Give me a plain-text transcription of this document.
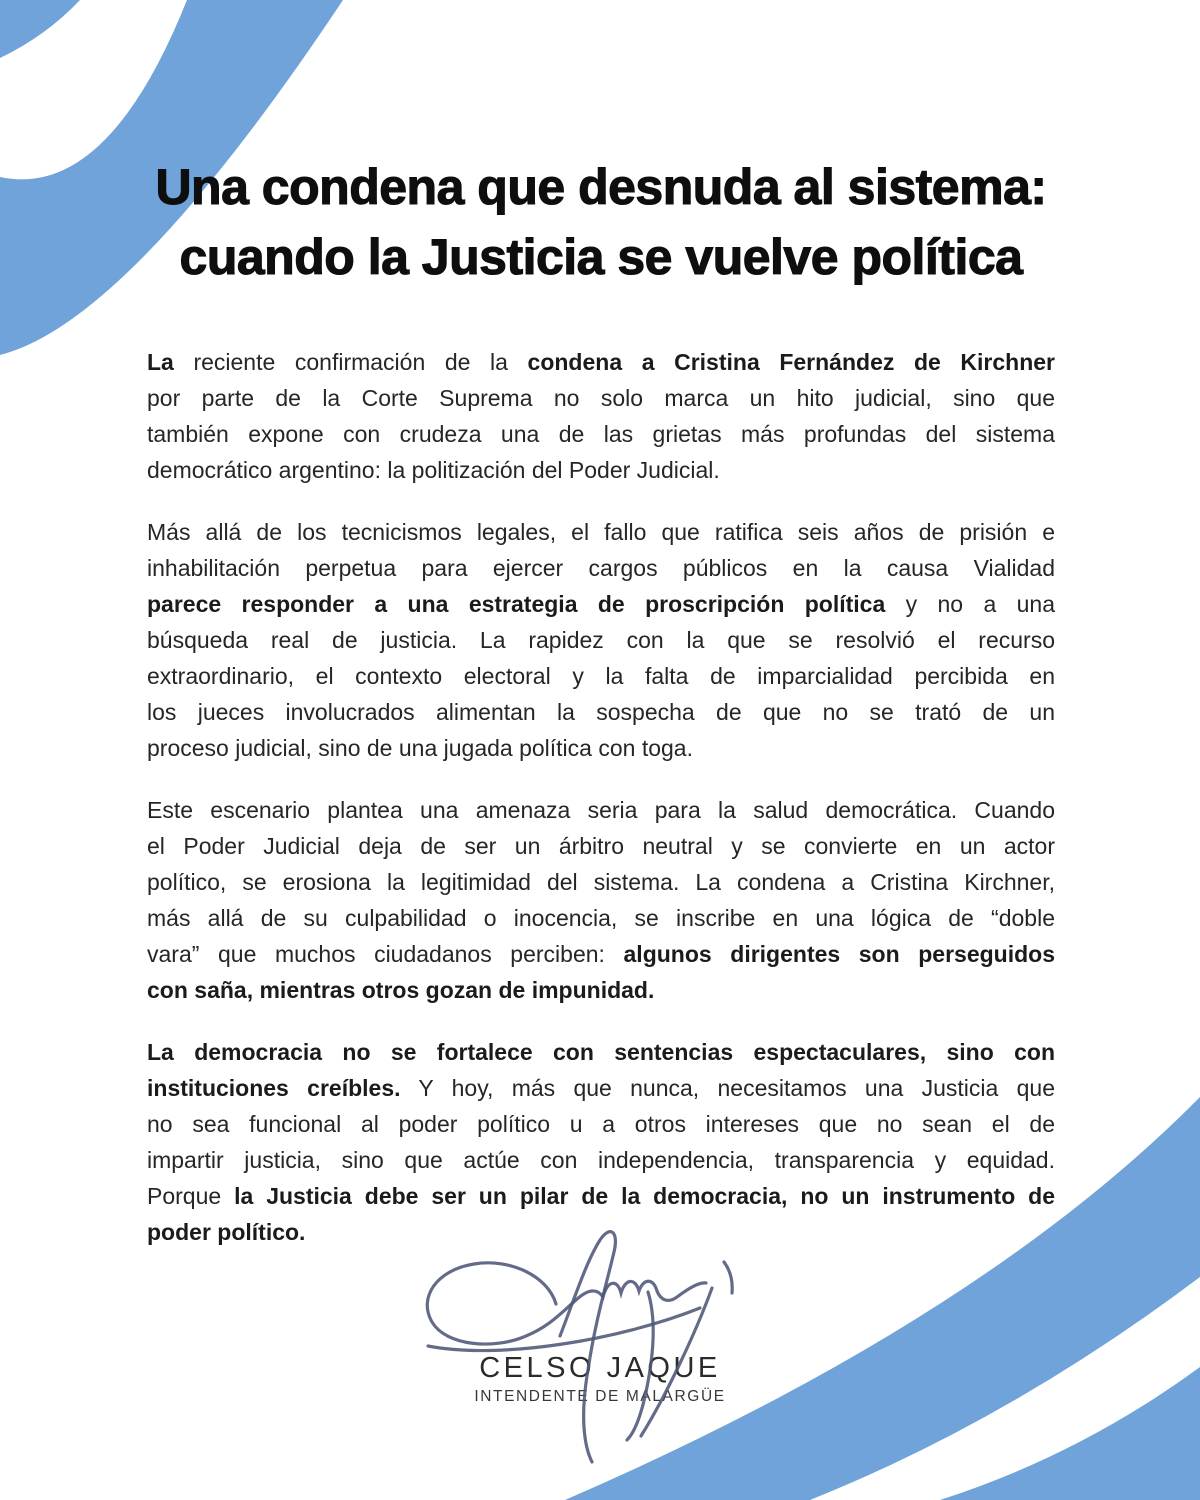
Una condena que desnuda al sistema:
cuando la Justicia se vuelve política
La reciente confirmación de la condena a Cristina Fernández de Kirchner
por parte de la Corte Suprema no solo marca un hito judicial, sino que
también expone con crudeza una de las grietas más profundas del sistema
democrático argentino: la politización del Poder Judicial.
Más allá de los tecnicismos legales, el fallo que ratifica seis años de prisión e
inhabilitación perpetua para ejercer cargos públicos en la causa Vialidad
parece responder a una estrategia de proscripción política y no a una
búsqueda real de justicia. La rapidez con la que se resolvió el recurso
extraordinario, el contexto electoral y la falta de imparcialidad percibida en
los jueces involucrados alimentan la sospecha de que no se trató de un
proceso judicial, sino de una jugada política con toga.
Este escenario plantea una amenaza seria para la salud democrática. Cuando
el Poder Judicial deja de ser un árbitro neutral y se convierte en un actor
político, se erosiona la legitimidad del sistema. La condena a Cristina Kirchner,
más allá de su culpabilidad o inocencia, se inscribe en una lógica de “doble
vara” que muchos ciudadanos perciben: algunos dirigentes son perseguidos
con saña, mientras otros gozan de impunidad.
La democracia no se fortalece con sentencias espectaculares, sino con
instituciones creíbles. Y hoy, más que nunca, necesitamos una Justicia que
no sea funcional al poder político u a otros intereses que no sean el de
impartir justicia, sino que actúe con independencia, transparencia y equidad.
Porque la Justicia debe ser un pilar de la democracia, no un instrumento de
poder político.
CELSO JAQUE
INTENDENTE DE MALARGÜE
